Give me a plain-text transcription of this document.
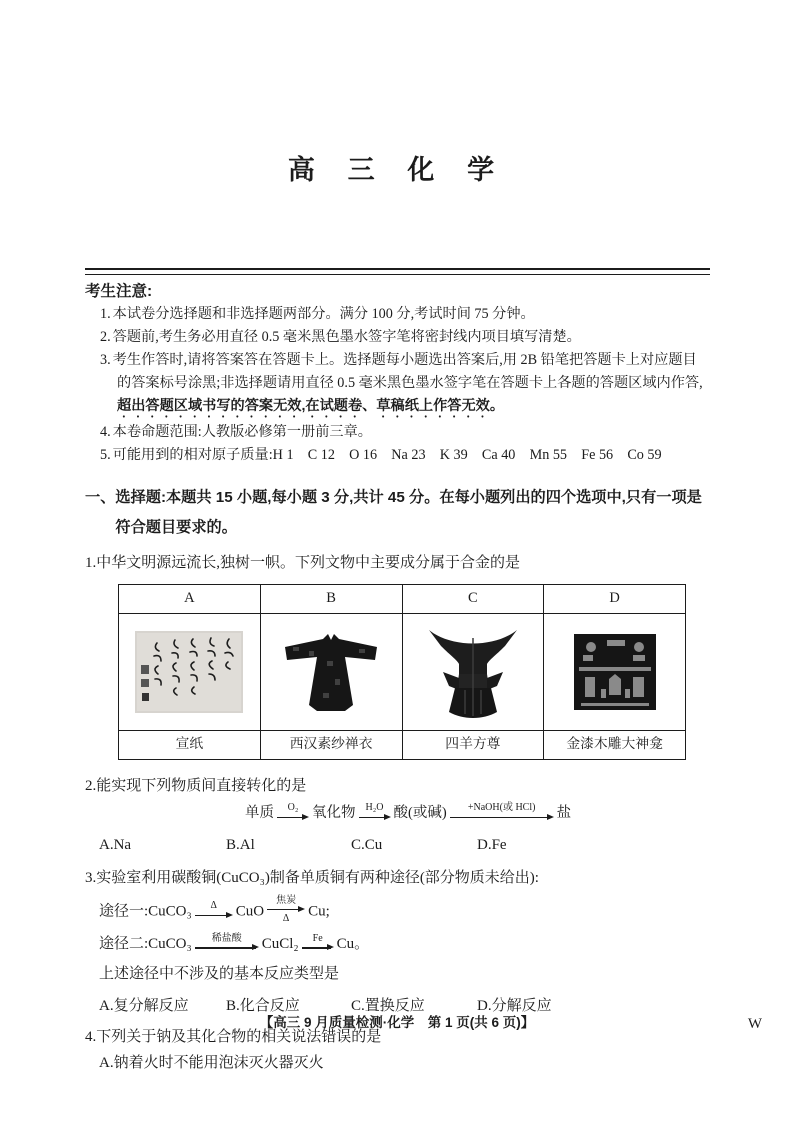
高 三 化 学
考生注意:
1. 本试卷分选择题和非选择题两部分。满分 100 分,考试时间 75 分钟。
2. 答题前,考生务必用直径 0.5 毫米黑色墨水签字笔将密封线内项目填写清楚。
3. 考生作答时,请将答案答在答题卡上。选择题每小题选出答案后,用 2B 铅笔把答题卡上对应题目的答案标号涂黑;非选择题请用直径 0.5 毫米黑色墨水签字笔在答题卡上各题的答题区域内作答,超出答题区域书写的答案无效,在试题卷、草稿纸上作答无效。
4. 本卷命题范围:人教版必修第一册前三章。
5. 可能用到的相对原子质量:H 1　C 12　O 16　Na 23　K 39　Ca 40　Mn 55　Fe 56　Co 59
一、选择题:本题共 15 小题,每小题 3 分,共计 45 分。在每小题列出的四个选项中,只有一项是符合题目要求的。
1.中华文明源远流长,独树一帜。下列文物中主要成分属于合金的是
A	B	C	D

宣纸	西汉素纱禅衣	四羊方尊	金漆木雕大神龛
2.能实现下列物质间直接转化的是
单质 O₂ 氧化物 H₂O 酸(或碱) +NaOH(或 HCl) 盐
A.Na	B.Al	C.Cu	D.Fe
3.实验室利用碳酸铜(CuCO₃)制备单质铜有两种途径(部分物质未给出):
途径一:CuCO₃ Δ CuO
焦炭
Δ Cu;
途径二:CuCO₃ 稀盐酸 CuCl₂ Fe Cu。
上述途径中不涉及的基本反应类型是
A.复分解反应	B.化合反应	C.置换反应	D.分解反应
4.下列关于钠及其化合物的相关说法错误的是
A.钠着火时不能用泡沫灭火器灭火
【高三 9 月质量检测·化学　第 1 页(共 6 页)】	W
